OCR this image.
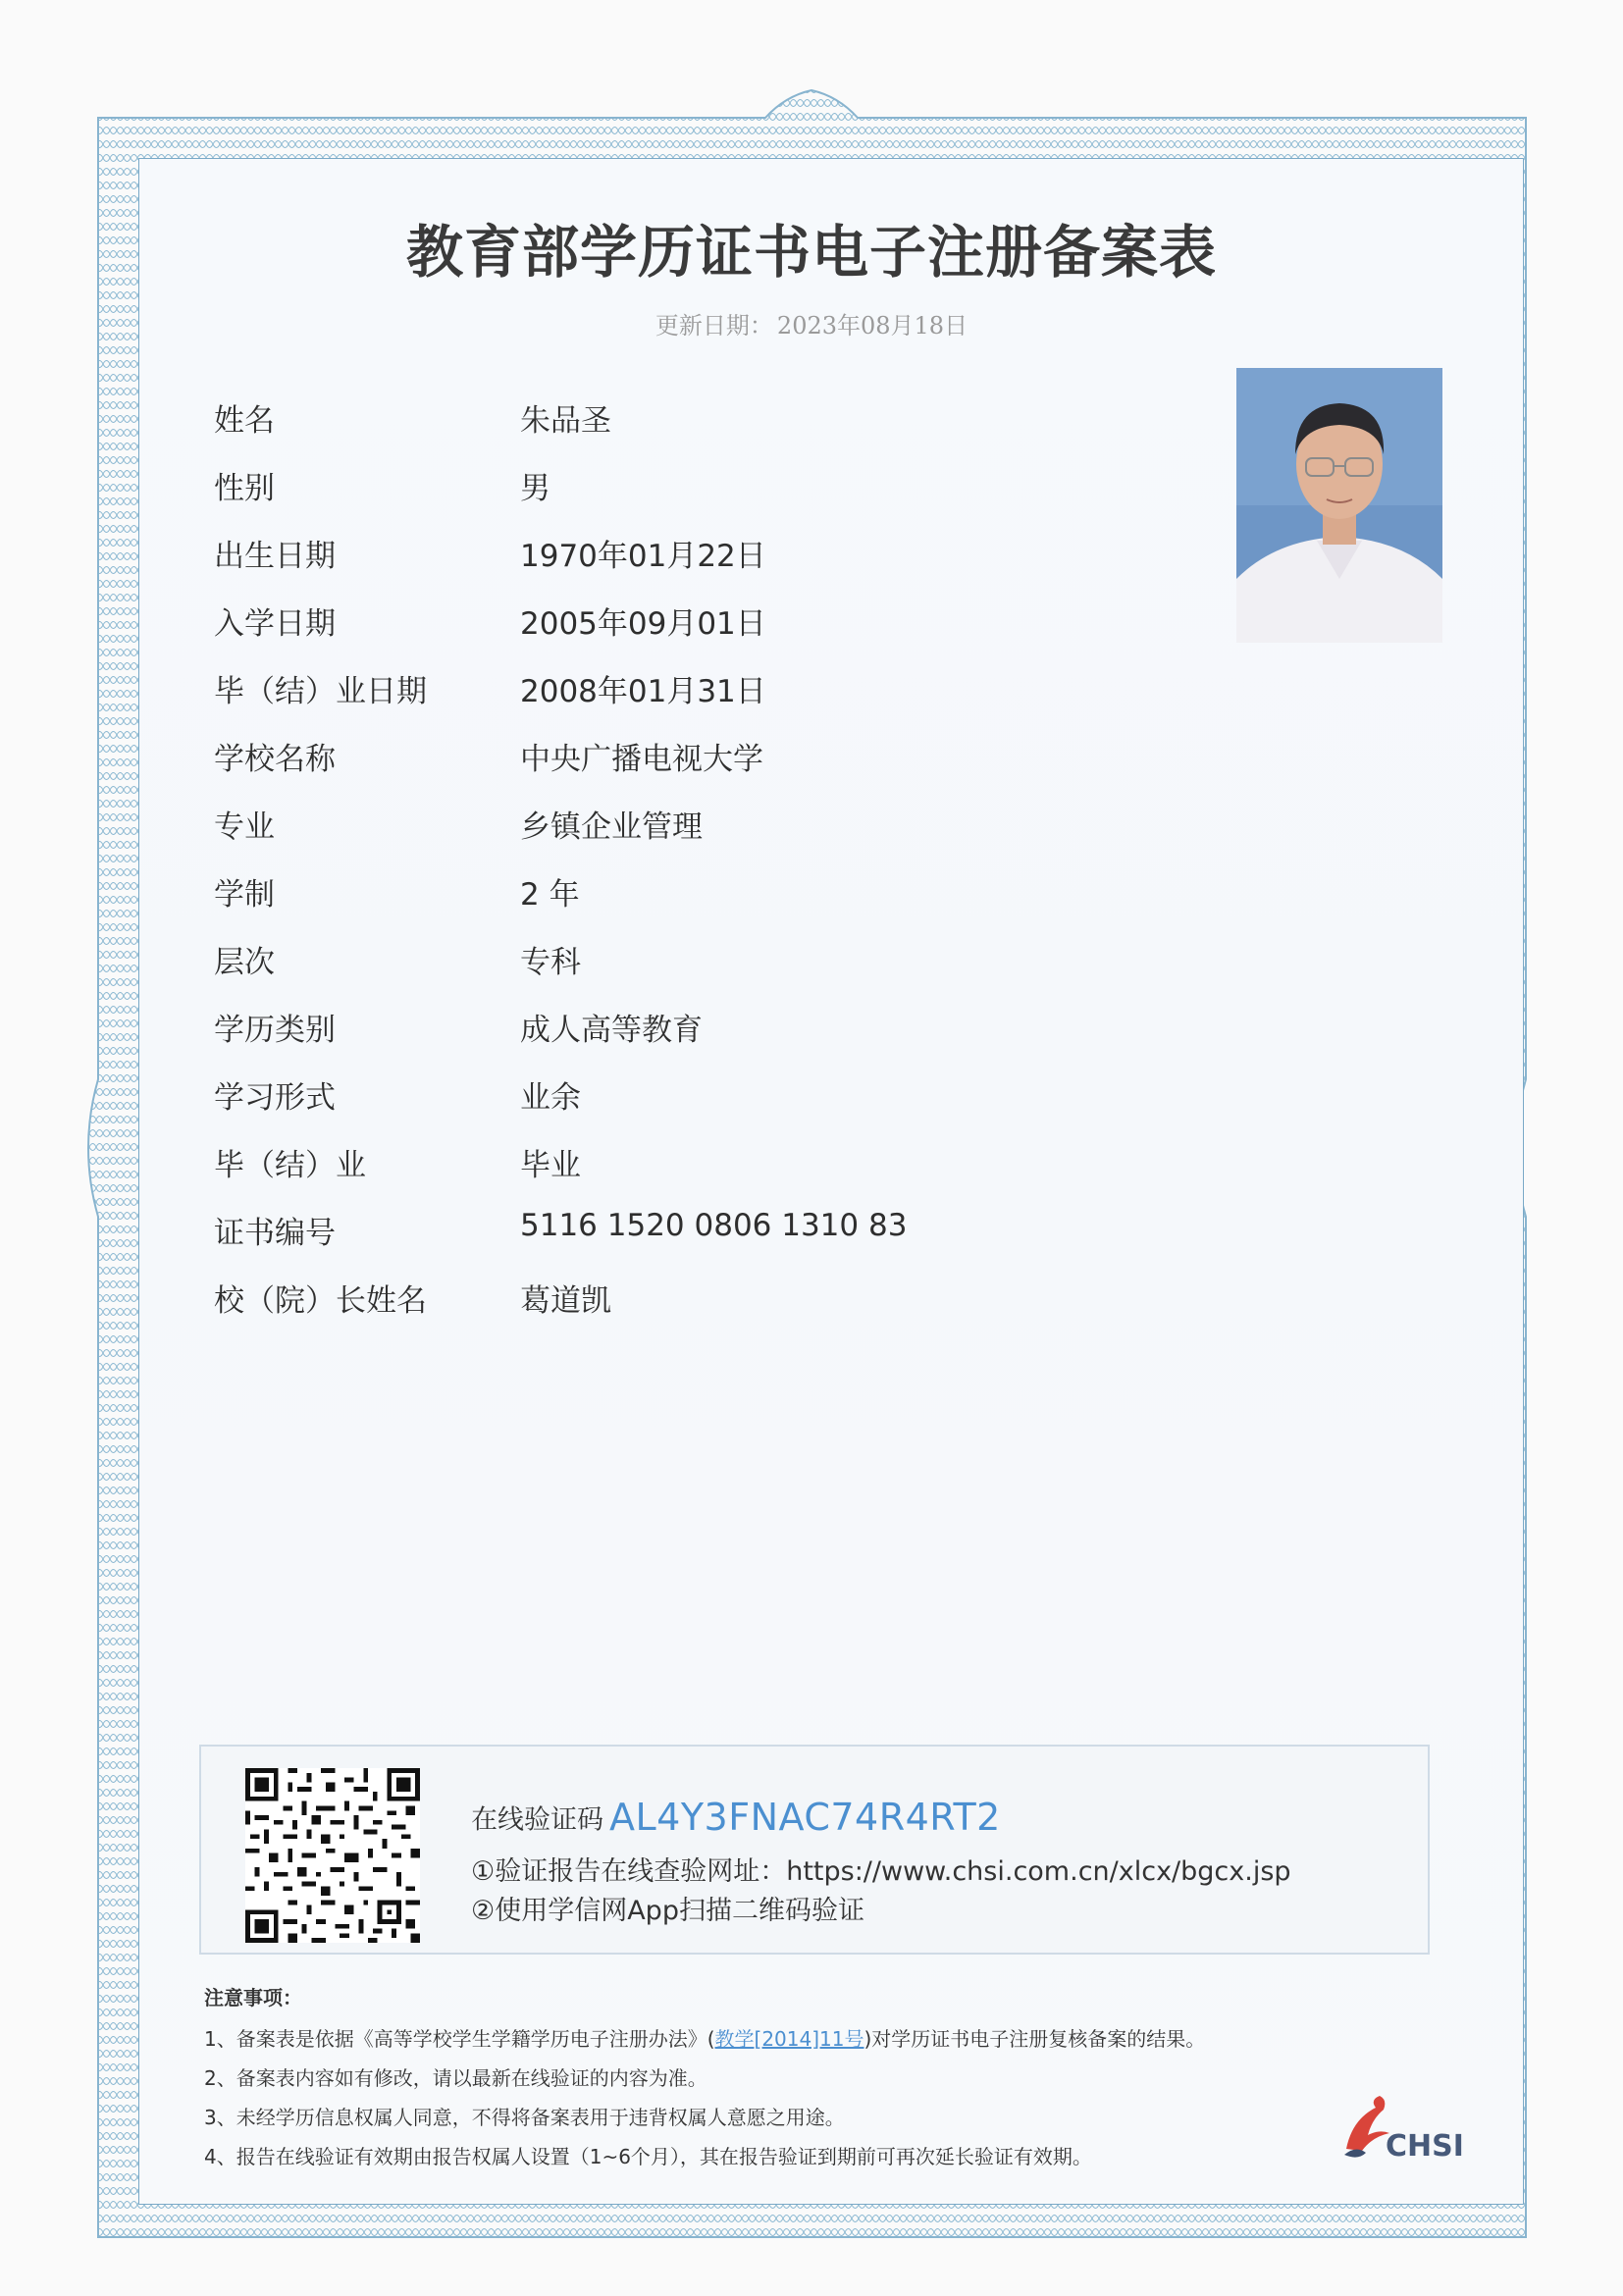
教育部学历证书电子注册备案表
更新日期： 2023年08月18日
姓名	朱品圣
性别	男
出生日期	1970年01月22日
入学日期	2005年09月01日
毕（结）业日期	2008年01月31日
学校名称	中央广播电视大学
专业	乡镇企业管理
学制	2 年
层次	专科
学历类别	成人高等教育
学习形式	业余
毕（结）业	毕业
证书编号	5116 1520 0806 1310 83
校（院）长姓名	葛道凯
在线验证码 AL4Y3FNAC74R4RT2
①验证报告在线查验网址：https://www.chsi.com.cn/xlcx/bgcx.jsp
②使用学信网App扫描二维码验证
注意事项：
1、备案表是依据《高等学校学生学籍学历电子注册办法》(教学[2014]11号)对学历证书电子注册复核备案的结果。
2、备案表内容如有修改，请以最新在线验证的内容为准。
3、未经学历信息权属人同意，不得将备案表用于违背权属人意愿之用途。
4、报告在线验证有效期由报告权属人设置（1~6个月），其在报告验证到期前可再次延长验证有效期。	CHSI
